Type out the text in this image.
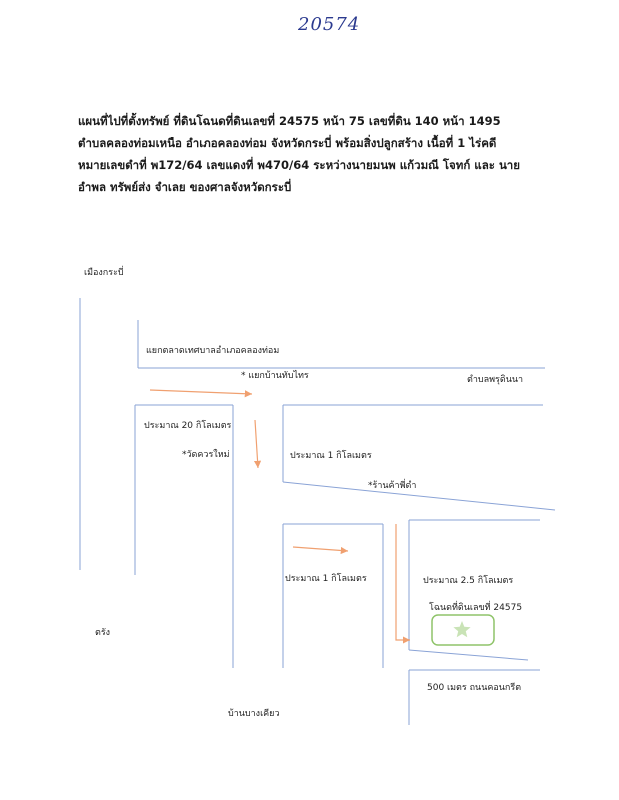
20574
แผนที่ไปที่ตั้งทรัพย์ ที่ดินโฉนดที่ดินเลขที่ 24575 หน้า 75 เลขที่ดิน 140 หน้า 1495
ตำบลคลองท่อมเหนือ อำเภอคลองท่อม จังหวัดกระบี่ พร้อมสิ่งปลูกสร้าง เนื้อที่ 1 ไร่คดี
หมายเลขดำที่ พ172/64 เลขแดงที่ พ470/64 ระหว่างนายมนพ แก้วมณี โจทก์ และ นาย
อำพล ทรัพย์ส่ง จำเลย ของศาลจังหวัดกระบี่
เมืองกระบี่
แยกตลาดเทศบาลอำเภอคลองท่อม
* แยกบ้านทับไทร	ตำบลพรุดินนา
ประมาณ 20 กิโลเมตร
*วัดควรใหม่	ประมาณ 1 กิโลเมตร
*ร้านค้าพี่ดำ
ประมาณ 1 กิโลเมตร	ประมาณ 2.5 กิโลเมตร
โฉนดที่ดินเลขที่ 24575
ตรัง
500 เมตร ถนนคอนกรีต
บ้านบางเคียว
